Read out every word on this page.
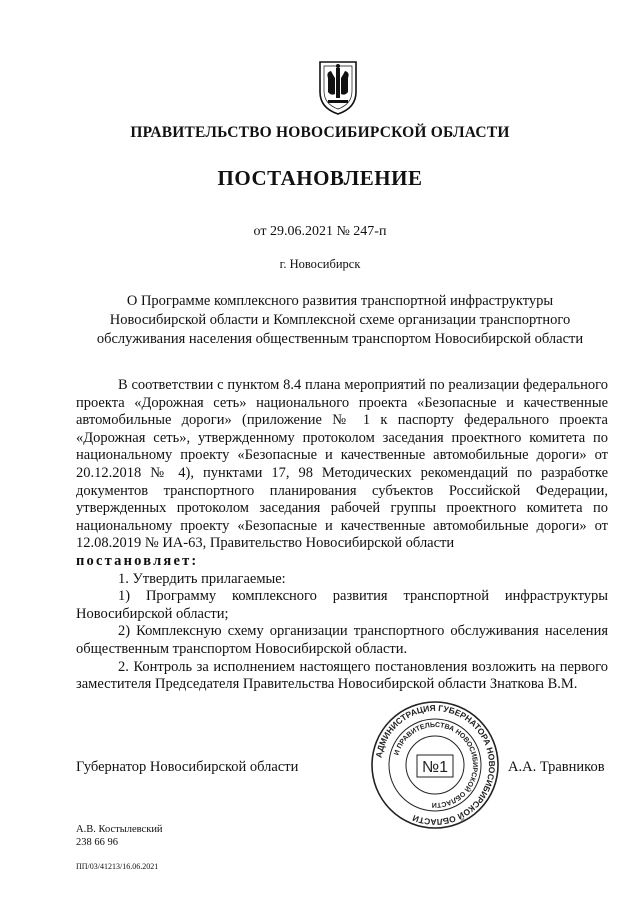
ПРАВИТЕЛЬСТВО НОВОСИБИРСКОЙ ОБЛАСТИ
ПОСТАНОВЛЕНИЕ
от 29.06.2021 № 247-п
г. Новосибирск
О Программе комплексного развития транспортной инфраструктуры
Новосибирской области и Комплексной схеме организации транспортного
обслуживания населения общественным транспортом Новосибирской области

В соответствии с пунктом 8.4 плана мероприятий по реализации федерального проекта «Дорожная сеть» национального проекта «Безопасные и качественные автомобильные дороги» (приложение № 1 к паспорту федерального проекта «Дорожная сеть», утвержденному протоколом заседания проектного комитета по национальному проекту «Безопасные и качественные автомобильные дороги» от 20.12.2018 № 4), пунктами 17, 98 Методических рекомендаций по разработке документов транспортного планирования субъектов Российской Федерации, утвержденных протоколом заседания рабочей группы проектного комитета по национальному проекту «Безопасные и качественные автомобильные дороги» от 12.08.2019 № ИА-63, Правительство Новосибирской области

постановляет:

1. Утвердить прилагаемые:

1) Программу комплексного развития транспортной инфраструктуры Новосибирской области;

2) Комплексную схему организации транспортного обслуживания населения общественным транспортом Новосибирской области.

2. Контроль за исполнением настоящего постановления возложить на первого заместителя Председателя Правительства Новосибирской области Знаткова В.М.

АДМИНИСТРАЦИЯ ГУБЕРНАТОРА НОВОСИБИРСКОЙ ОБЛАСТИ
И ПРАВИТЕЛЬСТВА НОВОСИБИРСКОЙ ОБЛАСТИ
№1
Губернатор Новосибирской области	А.А. Травников
А.В. Костылевский
238 66 96
ПП/03/41213/16.06.2021
